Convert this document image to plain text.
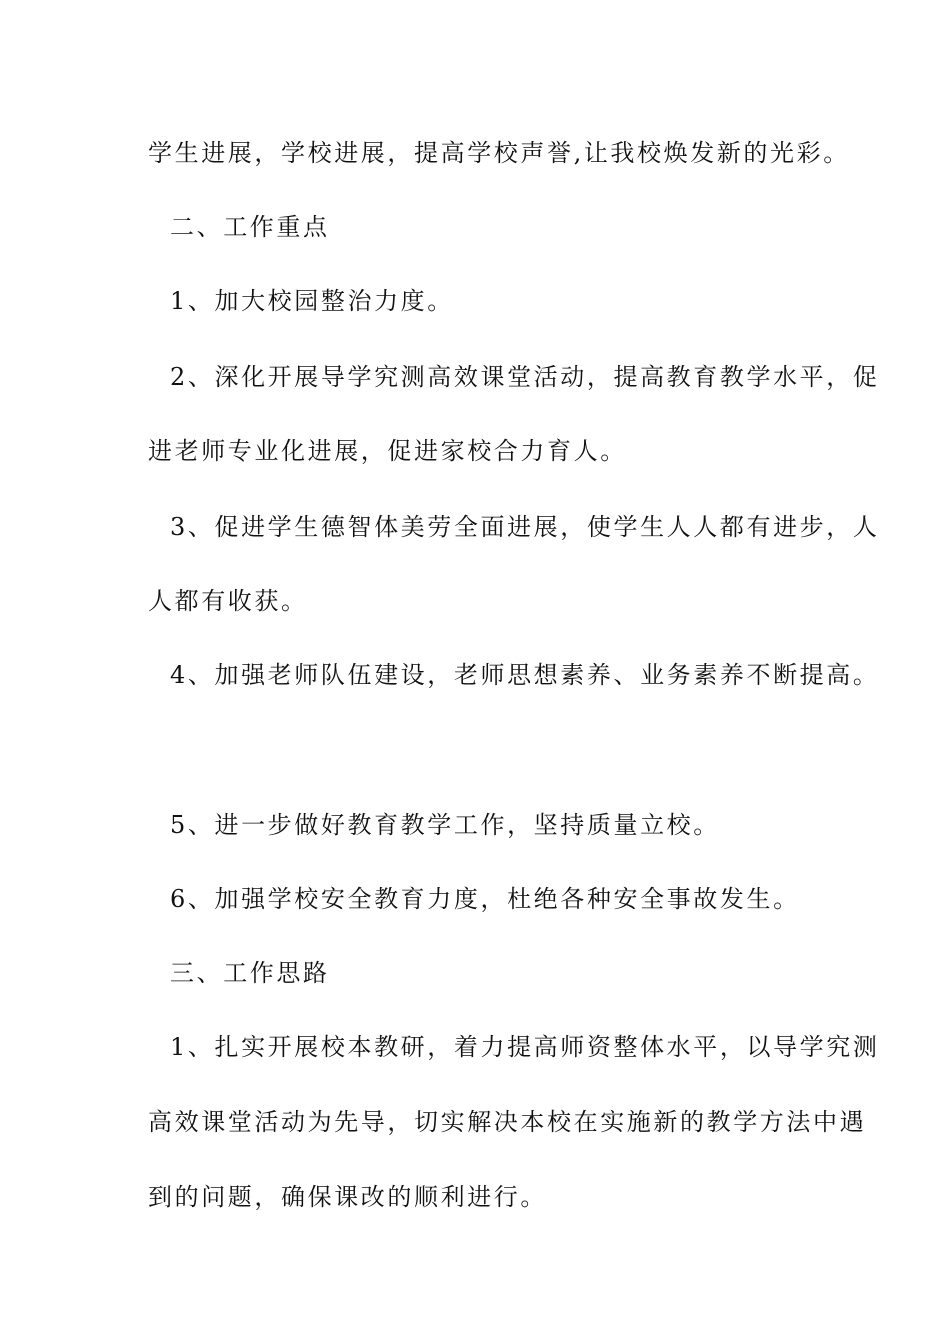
学生进展，学校进展，提高学校声誉,让我校焕发新的光彩。
二、工作重点
1、加大校园整治力度。
2、深化开展导学究测高效课堂活动，提高教育教学水平，促
进老师专业化进展，促进家校合力育人。
3、促进学生德智体美劳全面进展，使学生人人都有进步，人
人都有收获。
4、加强老师队伍建设，老师思想素养、业务素养不断提高。
5、进一步做好教育教学工作，坚持质量立校。
6、加强学校安全教育力度，杜绝各种安全事故发生。
三、工作思路
1、扎实开展校本教研，着力提高师资整体水平，以导学究测
高效课堂活动为先导，切实解决本校在实施新的教学方法中遇
到的问题，确保课改的顺利进行。
